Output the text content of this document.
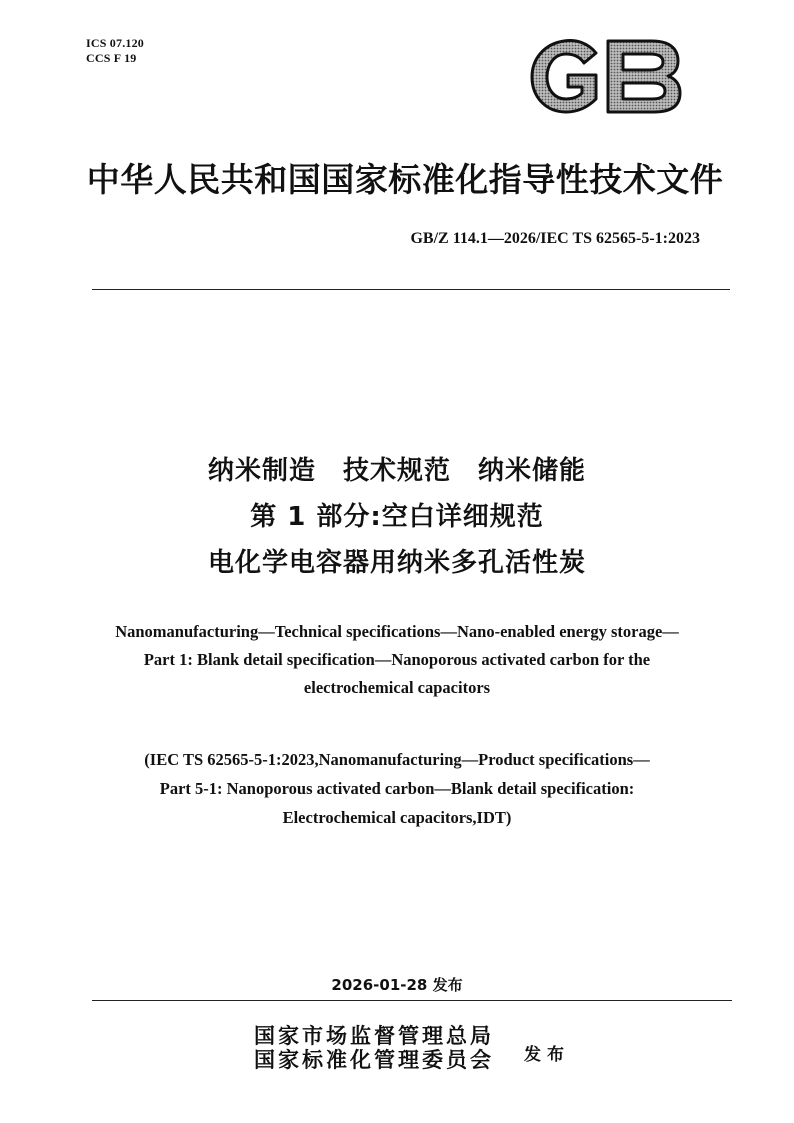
ICS 07.120
CCS F 19
GB
中华人民共和国国家标准化指导性技术文件
GB/Z 114.1—2026/IEC TS 62565-5-1:2023
纳米制造　技术规范　纳米储能
第 1 部分:空白详细规范
电化学电容器用纳米多孔活性炭
Nanomanufacturing—Technical specifications—Nano-enabled energy storage—
Part 1: Blank detail specification—Nanoporous activated carbon for the
electrochemical capacitors
(IEC TS 62565-5-1:2023,Nanomanufacturing—Product specifications—
Part 5-1: Nanoporous activated carbon—Blank detail specification:
Electrochemical capacitors,IDT)
2026-01-28 发布
国家市场监督管理总局
国家标准化管理委员会 发布
